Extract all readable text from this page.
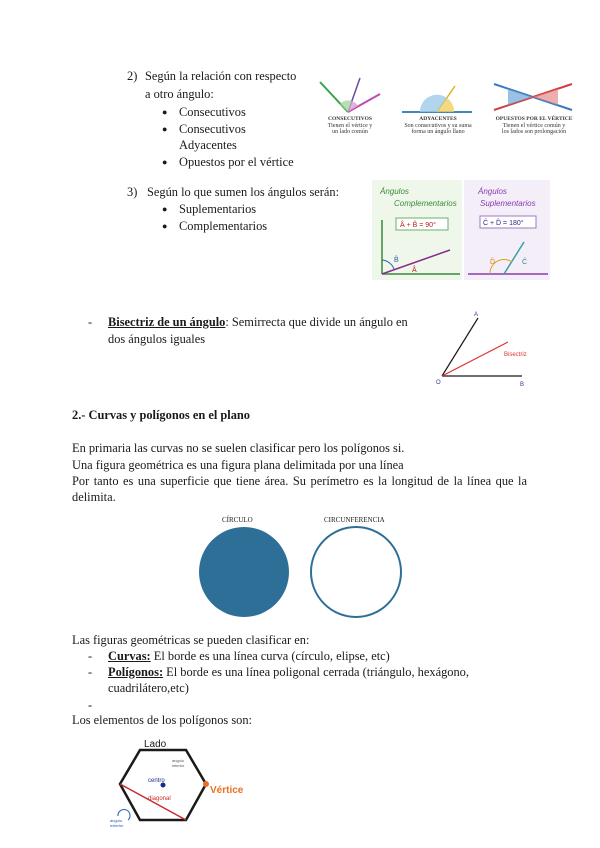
2) Según la relación con respecto
a otro ángulo:
● Consecutivos
● Consecutivos
Adyacentes
● Opuestos por el vértice
CONSECUTIVOS
Tienen el vértice y
un lado común
ADYACENTES
Son consecutivos y su suma
forma un ángulo llano
OPUESTOS POR EL VÉRTICE
Tienen el vértice común y
los lados son prolongación
3) Según lo que sumen los ángulos serán:
● Suplementarios
● Complementarios
Ángulos
Complementarios
Â + B̂ = 90°
B̂
Â
Ángulos
Suplementarios
Ĉ + D̂ = 180°
D̂	Ĉ
- Bisectriz de un ángulo: Semirrecta que divide un ángulo en
dos ángulos iguales
A
O	B
Bisectriz
2.- Curvas y polígonos en el plano
En primaria las curvas no se suelen clasificar pero los polígonos si.
Una figura geométrica es una figura plana delimitada por una línea
Por tanto es una superficie que tiene área. Su perímetro es la longitud de la línea que la delimita.
CÍRCULO	CIRCUNFERENCIA
Las figuras geométricas se pueden clasificar en:
- Curvas: El borde es una línea curva (círculo, elipse, etc)
- Polígonos: El borde es una línea poligonal cerrada (triángulo, hexágono,
cuadrilátero,etc)
-
Los elementos de los polígonos son:
Lado
ángulo
interior
centro
diagonal
Vértice
ángulo
exterior
